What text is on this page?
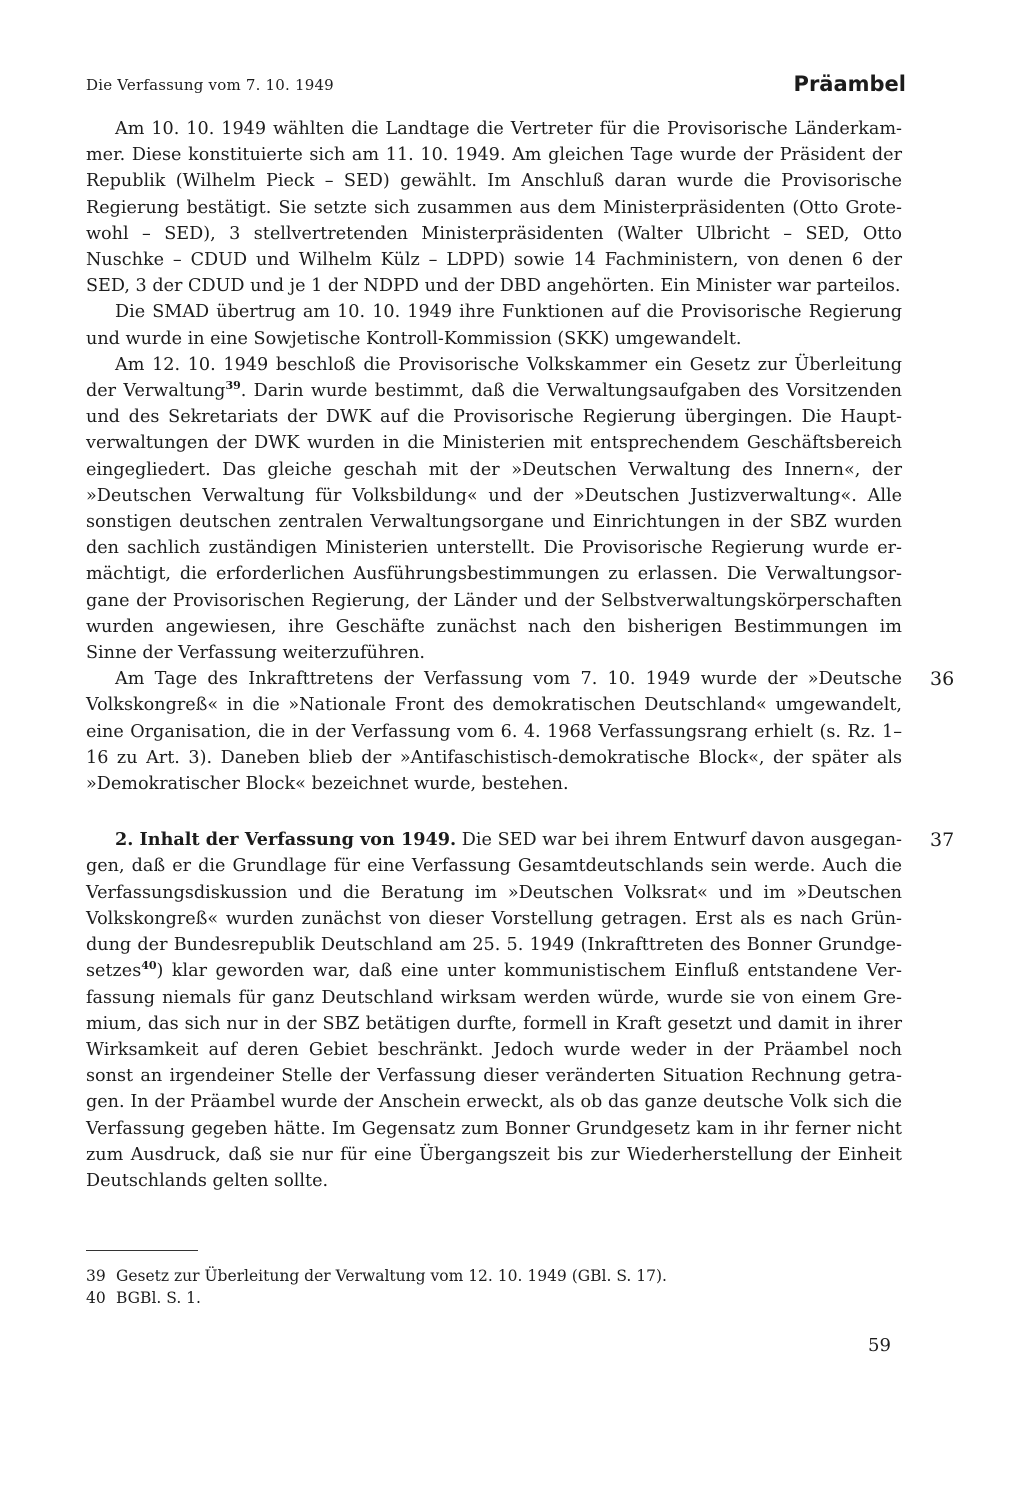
Die Verfassung vom 7. 10. 1949	Präambel

Am 10. 10. 1949 wählten die Landtage die Vertreter für die Provisorische Länderkammer. Diese konstituierte sich am 11. 10. 1949. Am gleichen Tage wurde der Präsident der Republik (Wilhelm Pieck – SED) gewählt. Im Anschluß daran wurde die Provisorische Regierung bestätigt. Sie setzte sich zusammen aus dem Ministerpräsidenten (Otto Grotewohl – SED), 3 stellvertretenden Ministerpräsidenten (Walter Ulbricht – SED, Otto Nuschke – CDUD und Wilhelm Külz – LDPD) sowie 14 Fachministern, von denen 6 der SED, 3 der CDUD und je 1 der NDPD und der DBD angehörten. Ein Minister war parteilos.

Die SMAD übertrug am 10. 10. 1949 ihre Funktionen auf die Provisorische Regierung und wurde in eine Sowjetische Kontroll-Kommission (SKK) umgewandelt.

Am 12. 10. 1949 beschloß die Provisorische Volkskammer ein Gesetz zur Überleitung der Verwaltung$^{39}$. Darin wurde bestimmt, daß die Verwaltungsaufgaben des Vorsitzenden und des Sekretariats der DWK auf die Provisorische Regierung übergingen. Die Hauptverwaltungen der DWK wurden in die Ministerien mit entsprechendem Geschäftsbereich eingegliedert. Das gleiche geschah mit der »Deutschen Verwaltung des Innern«, der »Deutschen Verwaltung für Volksbildung« und der »Deutschen Justizverwaltung«. Alle sonstigen deutschen zentralen Verwaltungsorgane und Einrichtungen in der SBZ wurden den sachlich zuständigen Ministerien unterstellt. Die Provisorische Regierung wurde ermächtigt, die erforderlichen Ausführungsbestimmungen zu erlassen. Die Verwaltungsorgane der Provisorischen Regierung, der Länder und der Selbstverwaltungskörperschaften wurden angewiesen, ihre Geschäfte zunächst nach den bisherigen Bestimmungen im Sinne der Verfassung weiterzuführen.

Am Tage des Inkrafttretens der Verfassung vom 7. 10. 1949 wurde der »Deutsche Volkskongreß« in die »Nationale Front des demokratischen Deutschland« umgewandelt, eine Organisation, die in der Verfassung vom 6. 4. 1968 Verfassungsrang erhielt (s. Rz. 1–16 zu Art. 3). Daneben blieb der »Antifaschistisch-demokratische Block«, der später als »Demokratischer Block« bezeichnet wurde, bestehen.

36

2. Inhalt der Verfassung von 1949. Die SED war bei ihrem Entwurf davon ausgegangen, daß er die Grundlage für eine Verfassung Gesamtdeutschlands sein werde. Auch die Verfassungsdiskussion und die Beratung im »Deutschen Volksrat« und im »Deutschen Volkskongreß« wurden zunächst von dieser Vorstellung getragen. Erst als es nach Gründung der Bundesrepublik Deutschland am 25. 5. 1949 (Inkrafttreten des Bonner Grundgesetzes$^{40}$) klar geworden war, daß eine unter kommunistischem Einfluß entstandene Verfassung niemals für ganz Deutschland wirksam werden würde, wurde sie von einem Gremium, das sich nur in der SBZ betätigen durfte, formell in Kraft gesetzt und damit in ihrer Wirksamkeit auf deren Gebiet beschränkt. Jedoch wurde weder in der Präambel noch sonst an irgendeiner Stelle der Verfassung dieser veränderten Situation Rechnung getragen. In der Präambel wurde der Anschein erweckt, als ob das ganze deutsche Volk sich die Verfassung gegeben hätte. Im Gegensatz zum Bonner Grundgesetz kam in ihr ferner nicht zum Ausdruck, daß sie nur für eine Übergangszeit bis zur Wiederherstellung der Einheit Deutschlands gelten sollte.

37

39 Gesetz zur Überleitung der Verwaltung vom 12. 10. 1949 (GBl. S. 17).

40 BGBl. S. 1.

59
